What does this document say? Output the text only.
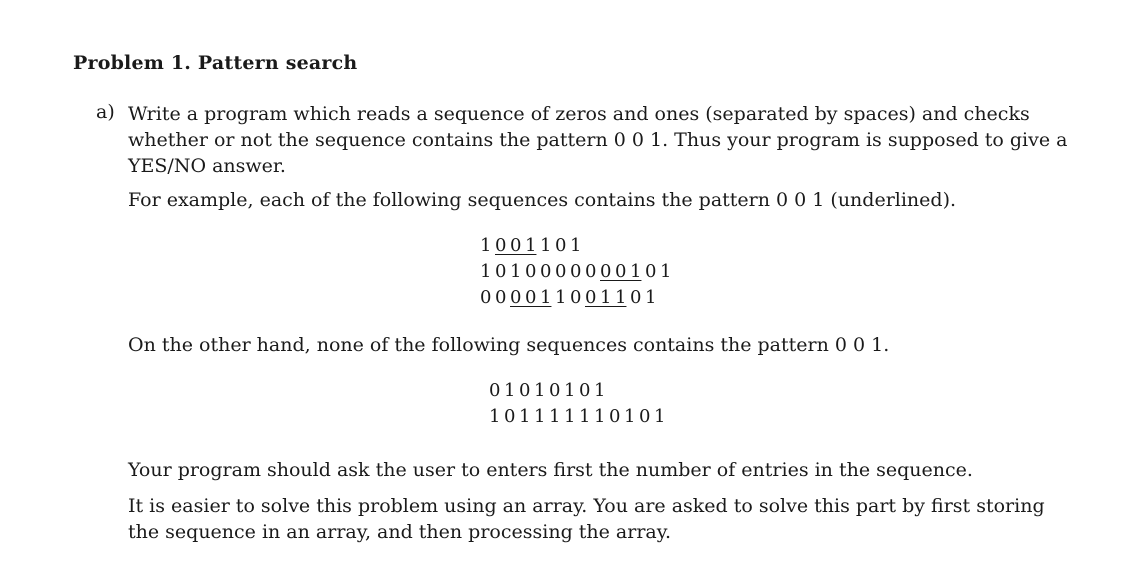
Problem 1. Pattern search
a) Write a program which reads a sequence of zeros and ones (separated by spaces) and checks whether or not the sequence contains the pattern 0 0 1. Thus your program is supposed to give a YES/NO answer.
For example, each of the following sequences contains the pattern 0 0 1 (underlined).
1 0 0 1 1 0 1
1 0 1 0 0 0 0 0 0 0 1 0 1
0 0 0 0 1 1 0 0 1 1 0 1
On the other hand, none of the following sequences contains the pattern 0 0 1.
0 1 0 1 0 1 0 1
1 0 1 1 1 1 1 1 0 1 0 1
Your program should ask the user to enters first the number of entries in the sequence.
It is easier to solve this problem using an array. You are asked to solve this part by first storing the sequence in an array, and then processing the array.
